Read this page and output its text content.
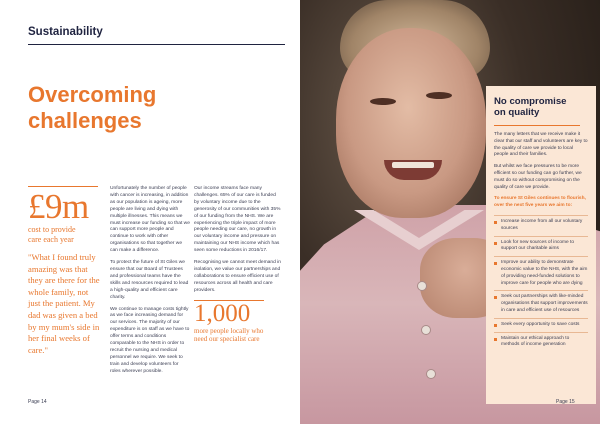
Sustainability
Overcoming
challenges
£9m
cost to provide
care each year
"What I found truly amazing was that they are there for the whole family, not just the patient. My dad was given a bed by my mum's side in her final weeks of care."

Unfortunately the number of people with cancer is increasing, in addition as our population is ageing, more people are living and dying with multiple illnesses. This means we must increase our funding so that we can support more people and continue to work with other organisations so that together we can make a difference.

To protect the future of St Giles we ensure that our Board of Trustees and professional teams have the skills and resources required to lead a high-quality and efficient care charity.

We continue to manage costs tightly as we face increasing demand for our services. The majority of our expenditure is on staff as we have to offer terms and conditions comparable to the NHS in order to recruit the nursing and medical personnel we require. We seek to train and develop volunteers for roles wherever possible.

Our income streams face many challenges. 65% of our care is funded by voluntary income due to the generosity of our communities with 35% of our funding from the NHS. We are experiencing the triple impact of more people needing our care, no growth in our voluntary income and pressure on maintaining our NHS income which has seen some reductions in 2016/17.

Recognising we cannot meet demand in isolation, we value our partnerships and collaborations to ensure efficient use of resources across all health and care providers.

1,000
more people locally who
need our specialist care
Page 14
No compromise
on quality

The many letters that we receive make it clear that our staff and volunteers are key to the quality of care we provide to local people and their families.

But whilst we face pressures to be more efficient so our funding can go further, we must do so without compromising on the quality of care we provide.

To ensure St Giles continues to flourish, over the next five years we aim to:

Increase income from all our voluntary sources
Look for new sources of income to support our charitable aims
Improve our ability to demonstrate economic value to the NHS, with the aim of providing need-funded solutions to improve care for people who are dying
Seek out partnerships with like-minded organisations that support improvements in care and efficient use of resources
Seek every opportunity to save costs
Maintain our ethical approach to methods of income generation
Page 15
